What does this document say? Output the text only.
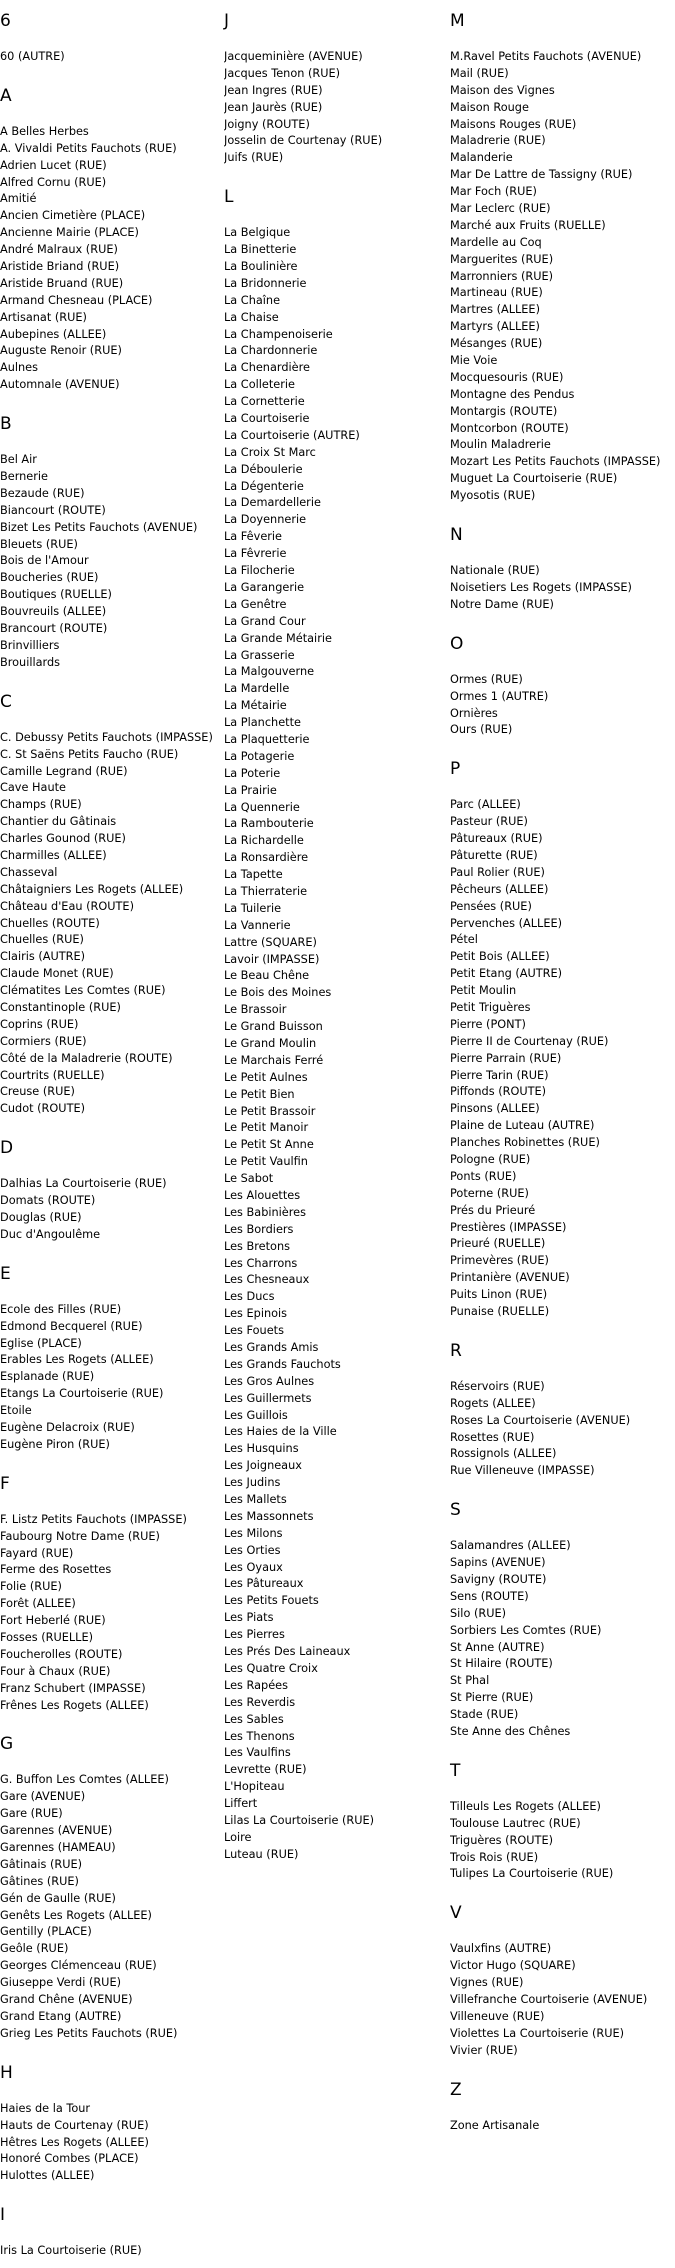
6
60 (AUTRE)
A
A Belles Herbes
A. Vivaldi Petits Fauchots (RUE)
Adrien Lucet (RUE)
Alfred Cornu (RUE)
Amitié
Ancien Cimetière (PLACE)
Ancienne Mairie (PLACE)
André Malraux (RUE)
Aristide Briand (RUE)
Aristide Bruand (RUE)
Armand Chesneau (PLACE)
Artisanat (RUE)
Aubepines (ALLEE)
Auguste Renoir (RUE)
Aulnes
Automnale (AVENUE)
B
Bel Air
Bernerie
Bezaude (RUE)
Biancourt (ROUTE)
Bizet Les Petits Fauchots (AVENUE)
Bleuets (RUE)
Bois de l'Amour
Boucheries (RUE)
Boutiques (RUELLE)
Bouvreuils (ALLEE)
Brancourt (ROUTE)
Brinvilliers
Brouillards
C
C. Debussy Petits Fauchots (IMPASSE)
C. St Saëns Petits Faucho (RUE)
Camille Legrand (RUE)
Cave Haute
Champs (RUE)
Chantier du Gâtinais
Charles Gounod (RUE)
Charmilles (ALLEE)
Chasseval
Châtaigniers Les Rogets (ALLEE)
Château d'Eau (ROUTE)
Chuelles (ROUTE)
Chuelles (RUE)
Clairis (AUTRE)
Claude Monet (RUE)
Clématites Les Comtes (RUE)
Constantinople (RUE)
Coprins (RUE)
Cormiers (RUE)
Côté de la Maladrerie (ROUTE)
Courtrits (RUELLE)
Creuse (RUE)
Cudot (ROUTE)
D
Dalhias La Courtoiserie (RUE)
Domats (ROUTE)
Douglas (RUE)
Duc d'Angoulême
E
Ecole des Filles (RUE)
Edmond Becquerel (RUE)
Eglise (PLACE)
Erables Les Rogets (ALLEE)
Esplanade (RUE)
Etangs La Courtoiserie (RUE)
Etoile
Eugène Delacroix (RUE)
Eugène Piron (RUE)
F
F. Listz Petits Fauchots (IMPASSE)
Faubourg Notre Dame (RUE)
Fayard (RUE)
Ferme des Rosettes
Folie (RUE)
Forêt (ALLEE)
Fort Heberlé (RUE)
Fosses (RUELLE)
Foucherolles (ROUTE)
Four à Chaux (RUE)
Franz Schubert (IMPASSE)
Frênes Les Rogets (ALLEE)
G
G. Buffon Les Comtes (ALLEE)
Gare (AVENUE)
Gare (RUE)
Garennes (AVENUE)
Garennes (HAMEAU)
Gâtinais (RUE)
Gâtines (RUE)
Gén de Gaulle (RUE)
Genêts Les Rogets (ALLEE)
Gentilly (PLACE)
Geôle (RUE)
Georges Clémenceau (RUE)
Giuseppe Verdi (RUE)
Grand Chêne (AVENUE)
Grand Etang (AUTRE)
Grieg Les Petits Fauchots (RUE)
H
Haies de la Tour
Hauts de Courtenay (RUE)
Hêtres Les Rogets (ALLEE)
Honoré Combes (PLACE)
Hulottes (ALLEE)
I
Iris La Courtoiserie (RUE)
J
Jacqueminière (AVENUE)
Jacques Tenon (RUE)
Jean Ingres (RUE)
Jean Jaurès (RUE)
Joigny (ROUTE)
Josselin de Courtenay (RUE)
Juifs (RUE)
L
La Belgique
La Binetterie
La Boulinière
La Bridonnerie
La Chaîne
La Chaise
La Champenoiserie
La Chardonnerie
La Chenardière
La Colleterie
La Cornetterie
La Courtoiserie
La Courtoiserie (AUTRE)
La Croix St Marc
La Déboulerie
La Dégenterie
La Demardellerie
La Doyennerie
La Fêverie
La Fêvrerie
La Filocherie
La Garangerie
La Genêtre
La Grand Cour
La Grande Métairie
La Grasserie
La Malgouverne
La Mardelle
La Métairie
La Planchette
La Plaquetterie
La Potagerie
La Poterie
La Prairie
La Quennerie
La Rambouterie
La Richardelle
La Ronsardière
La Tapette
La Thierraterie
La Tuilerie
La Vannerie
Lattre (SQUARE)
Lavoir (IMPASSE)
Le Beau Chêne
Le Bois des Moines
Le Brassoir
Le Grand Buisson
Le Grand Moulin
Le Marchais Ferré
Le Petit Aulnes
Le Petit Bien
Le Petit Brassoir
Le Petit Manoir
Le Petit St Anne
Le Petit Vaulfin
Le Sabot
Les Alouettes
Les Babinières
Les Bordiers
Les Bretons
Les Charrons
Les Chesneaux
Les Ducs
Les Epinois
Les Fouets
Les Grands Amis
Les Grands Fauchots
Les Gros Aulnes
Les Guillermets
Les Guillois
Les Haies de la Ville
Les Husquins
Les Joigneaux
Les Judins
Les Mallets
Les Massonnets
Les Milons
Les Orties
Les Oyaux
Les Pâtureaux
Les Petits Fouets
Les Piats
Les Pierres
Les Prés Des Laineaux
Les Quatre Croix
Les Rapées
Les Reverdis
Les Sables
Les Thenons
Les Vaulfins
Levrette (RUE)
L'Hopiteau
Liffert
Lilas La Courtoiserie (RUE)
Loire
Luteau (RUE)
M
M.Ravel Petits Fauchots (AVENUE)
Mail (RUE)
Maison des Vignes
Maison Rouge
Maisons Rouges (RUE)
Maladrerie (RUE)
Malanderie
Mar De Lattre de Tassigny (RUE)
Mar Foch (RUE)
Mar Leclerc (RUE)
Marché aux Fruits (RUELLE)
Mardelle au Coq
Marguerites (RUE)
Marronniers (RUE)
Martineau (RUE)
Martres (ALLEE)
Martyrs (ALLEE)
Mésanges (RUE)
Mie Voie
Mocquesouris (RUE)
Montagne des Pendus
Montargis (ROUTE)
Montcorbon (ROUTE)
Moulin Maladrerie
Mozart Les Petits Fauchots (IMPASSE)
Muguet La Courtoiserie (RUE)
Myosotis (RUE)
N
Nationale (RUE)
Noisetiers Les Rogets (IMPASSE)
Notre Dame (RUE)
O
Ormes (RUE)
Ormes 1 (AUTRE)
Ornières
Ours (RUE)
P
Parc (ALLEE)
Pasteur (RUE)
Pâtureaux (RUE)
Pâturette (RUE)
Paul Rolier (RUE)
Pêcheurs (ALLEE)
Pensées (RUE)
Pervenches (ALLEE)
Pétel
Petit Bois (ALLEE)
Petit Etang (AUTRE)
Petit Moulin
Petit Triguères
Pierre (PONT)
Pierre II de Courtenay (RUE)
Pierre Parrain (RUE)
Pierre Tarin (RUE)
Piffonds (ROUTE)
Pinsons (ALLEE)
Plaine de Luteau (AUTRE)
Planches Robinettes (RUE)
Pologne (RUE)
Ponts (RUE)
Poterne (RUE)
Prés du Prieuré
Prestières (IMPASSE)
Prieuré (RUELLE)
Primevères (RUE)
Printanière (AVENUE)
Puits Linon (RUE)
Punaise (RUELLE)
R
Réservoirs (RUE)
Rogets (ALLEE)
Roses La Courtoiserie (AVENUE)
Rosettes (RUE)
Rossignols (ALLEE)
Rue Villeneuve (IMPASSE)
S
Salamandres (ALLEE)
Sapins (AVENUE)
Savigny (ROUTE)
Sens (ROUTE)
Silo (RUE)
Sorbiers Les Comtes (RUE)
St Anne (AUTRE)
St Hilaire (ROUTE)
St Phal
St Pierre (RUE)
Stade (RUE)
Ste Anne des Chênes
T
Tilleuls Les Rogets (ALLEE)
Toulouse Lautrec (RUE)
Triguères (ROUTE)
Trois Rois (RUE)
Tulipes La Courtoiserie (RUE)
V
Vaulxfins (AUTRE)
Victor Hugo (SQUARE)
Vignes (RUE)
Villefranche Courtoiserie (AVENUE)
Villeneuve (RUE)
Violettes La Courtoiserie (RUE)
Vivier (RUE)
Z
Zone Artisanale
